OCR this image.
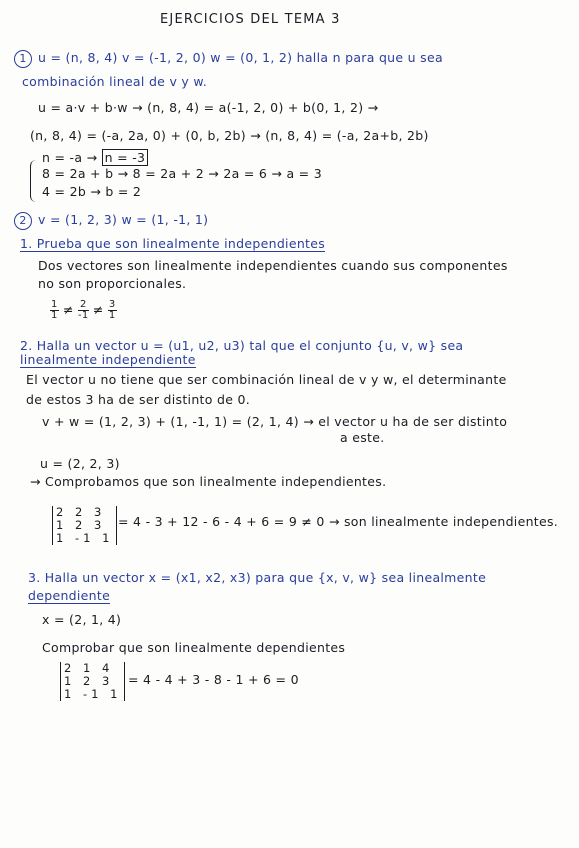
EJERCICIOS DEL TEMA 3
1 u = (n, 8, 4) v = (-1, 2, 0) w = (0, 1, 2) halla n para que u sea
combinación lineal de v y w.
u = a·v + b·w → (n, 8, 4) = a(-1, 2, 0) + b(0, 1, 2) →
(n, 8, 4) = (-a, 2a, 0) + (0, b, 2b) → (n, 8, 4) = (-a, 2a+b, 2b)
n = -a → n = -3
8 = 2a + b → 8 = 2a + 2 → 2a = 6 → a = 3
4 = 2b → b = 2
2 v = (1, 2, 3) w = (1, -1, 1)
1. Prueba que son linealmente independientes
Dos vectores son linealmente independientes cuando sus componentes
no son proporcionales.
$\frac{1}{1} \ne \frac{2}{-1} \ne \frac{3}{1}$
2. Halla un vector u = (u1, u2, u3) tal que el conjunto {u, v, w} sea
linealmente independiente
El vector u no tiene que ser combinación lineal de v y w, el determinante
de estos 3 ha de ser distinto de 0.
v + w = (1, 2, 3) + (1, -1, 1) = (2, 1, 4) → el vector u ha de ser distinto
a este.
u = (2, 2, 3)
→ Comprobamos que son linealmente independientes.
2 2 3
1 2 3
1 -1 1
= 4 - 3 + 12 - 6 - 4 + 6 = 9 ≠ 0 → son linealmente independientes.
3. Halla un vector x = (x1, x2, x3) para que {x, v, w} sea linealmente
dependiente
x = (2, 1, 4)
Comprobar que son linealmente dependientes
2 1 4
1 2 3
1 -1 1
= 4 - 4 + 3 - 8 - 1 + 6 = 0
